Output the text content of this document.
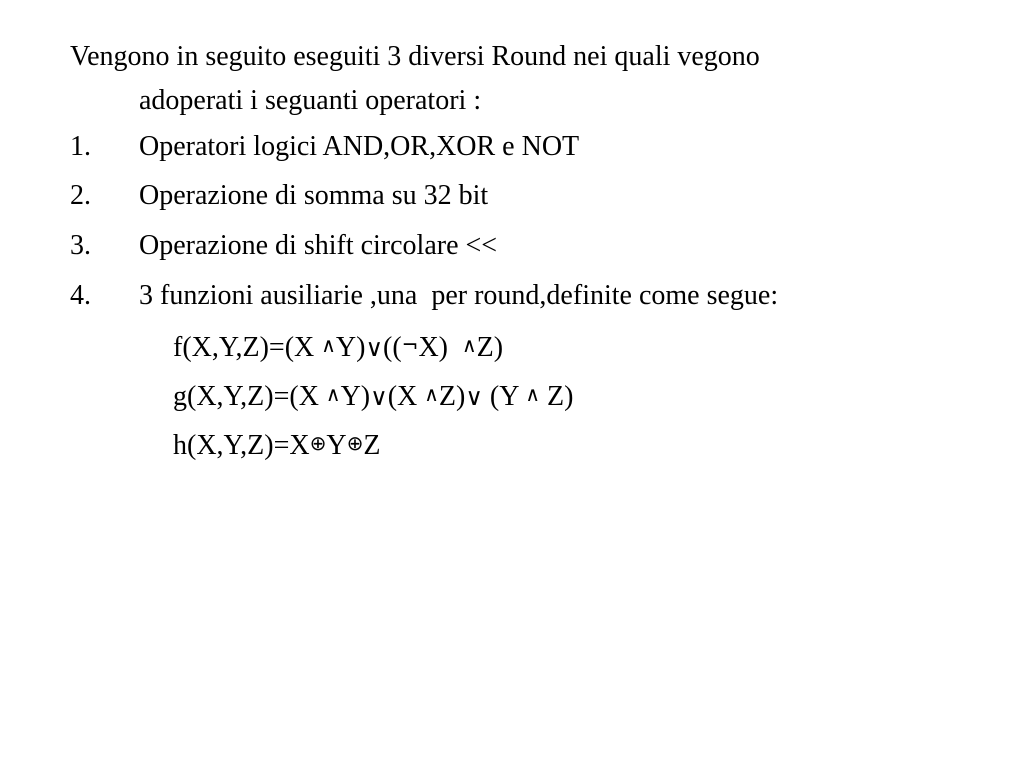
Vengono in seguito eseguiti 3 diversi Round nei quali vegono
adoperati i seguanti operatori :
1. Operatori logici AND,OR,XOR e NOT
2. Operazione di somma su 32 bit
3. Operazione di shift circolare <<
4. 3 funzioni ausiliarie ,una  per round,definite come segue:
f(X,Y,Z)=(X ∧Y)∨((¬X)  ∧Z)
g(X,Y,Z)=(X ∧Y)∨(X ∧Z)∨ (Y ∧ Z)
h(X,Y,Z)=X⊕Y⊕Z
